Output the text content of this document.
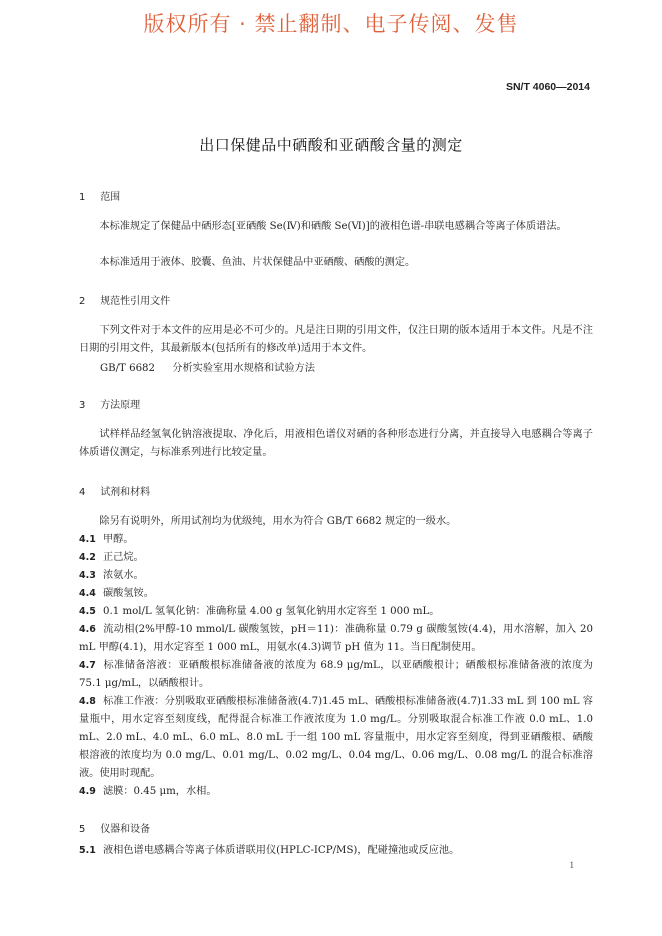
版权所有 · 禁止翻制、电子传阅、发售
SN/T 4060—2014
出口保健品中硒酸和亚硒酸含量的测定
1 范围
本标准规定了保健品中硒形态[亚硒酸 Se(Ⅳ)和硒酸 Se(Ⅵ)]的液相色谱-串联电感耦合等离子体质谱法。
本标准适用于液体、胶囊、鱼油、片状保健品中亚硒酸、硒酸的测定。
2 规范性引用文件
下列文件对于本文件的应用是必不可少的。凡是注日期的引用文件，仅注日期的版本适用于本文件。凡是不注日期的引用文件，其最新版本(包括所有的修改单)适用于本文件。
GB/T 6682 分析实验室用水规格和试验方法
3 方法原理
试样样品经氢氧化钠溶液提取、净化后，用液相色谱仪对硒的各种形态进行分离，并直接导入电感耦合等离子体质谱仪测定，与标准系列进行比较定量。
4 试剂和材料
除另有说明外，所用试剂均为优级纯，用水为符合 GB/T 6682 规定的一级水。
4.1 甲醇。
4.2 正己烷。
4.3 浓氨水。
4.4 碳酸氢铵。
4.5 0.1 mol/L 氢氧化钠：准确称量 4.00 g 氢氧化钠用水定容至 1 000 mL。
4.6 流动相(2%甲醇-10 mmol/L 碳酸氢铵，pH＝11)：准确称量 0.79 g 碳酸氢铵(4.4)，用水溶解，加入 20 mL 甲醇(4.1)，用水定容至 1 000 mL，用氨水(4.3)调节 pH 值为 11。当日配制使用。
4.7 标准储备溶液：亚硒酸根标准储备液的浓度为 68.9 μg/mL，以亚硒酸根计；硒酸根标准储备液的浓度为 75.1 μg/mL，以硒酸根计。
4.8 标准工作液：分别吸取亚硒酸根标准储备液(4.7)1.45 mL、硒酸根标准储备液(4.7)1.33 mL 到 100 mL 容量瓶中，用水定容至刻度线，配得混合标准工作液浓度为 1.0 mg/L。分别吸取混合标准工作液 0.0 mL、1.0 mL、2.0 mL、4.0 mL、6.0 mL、8.0 mL 于一组 100 mL 容量瓶中，用水定容至刻度，得到亚硒酸根、硒酸根溶液的浓度均为 0.0 mg/L、0.01 mg/L、0.02 mg/L、0.04 mg/L、0.06 mg/L、0.08 mg/L 的混合标准溶液。使用时现配。
4.9 滤膜：0.45 μm，水相。
5 仪器和设备
5.1 液相色谱电感耦合等离子体质谱联用仪(HPLC-ICP/MS)，配碰撞池或反应池。
1
